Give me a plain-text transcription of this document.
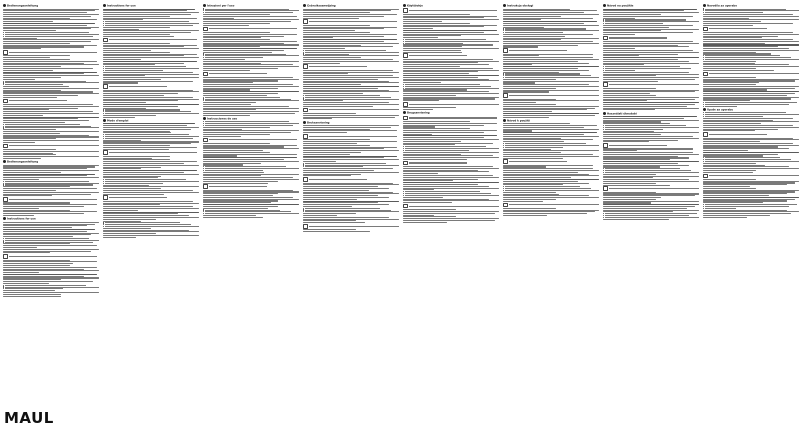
Bedienungsanleitung
Bedienungsanleitung
Instructions for use
Instructions for use
Mode d'emploi
Istruzioni per l'uso
Instrucciones de uso
Gebruiksaanwijzing
Bruksanvisning
Käyttöohje
Brugsanvisning
Instrukcja obsługi
Návod k použití
Návod na použitie
Használati útmutató
Navodila za uporabo
Upute za uporabu
MAUL
